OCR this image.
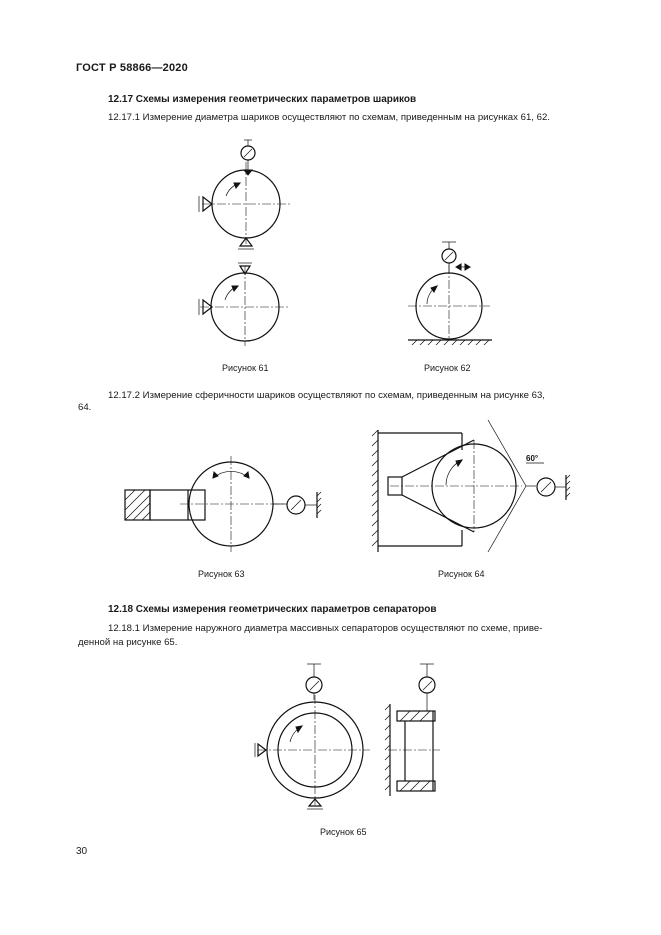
ГОСТ Р 58866—2020
12.17 Схемы измерения геометрических параметров шариков
12.17.1 Измерение диаметра шариков осуществляют по схемам, приведенным на рисунках 61, 62.
Рисунок 61	Рисунок 62
12.17.2 Измерение сферичности шариков осуществляют по схемам, приведенным на рисунке 63,
64.
60°
Рисунок 63	Рисунок 64
12.18 Схемы измерения геометрических параметров сепараторов
12.18.1 Измерение наружного диаметра массивных сепараторов осуществляют по схеме, приве-
денной на рисунке 65.
Рисунок 65
30
